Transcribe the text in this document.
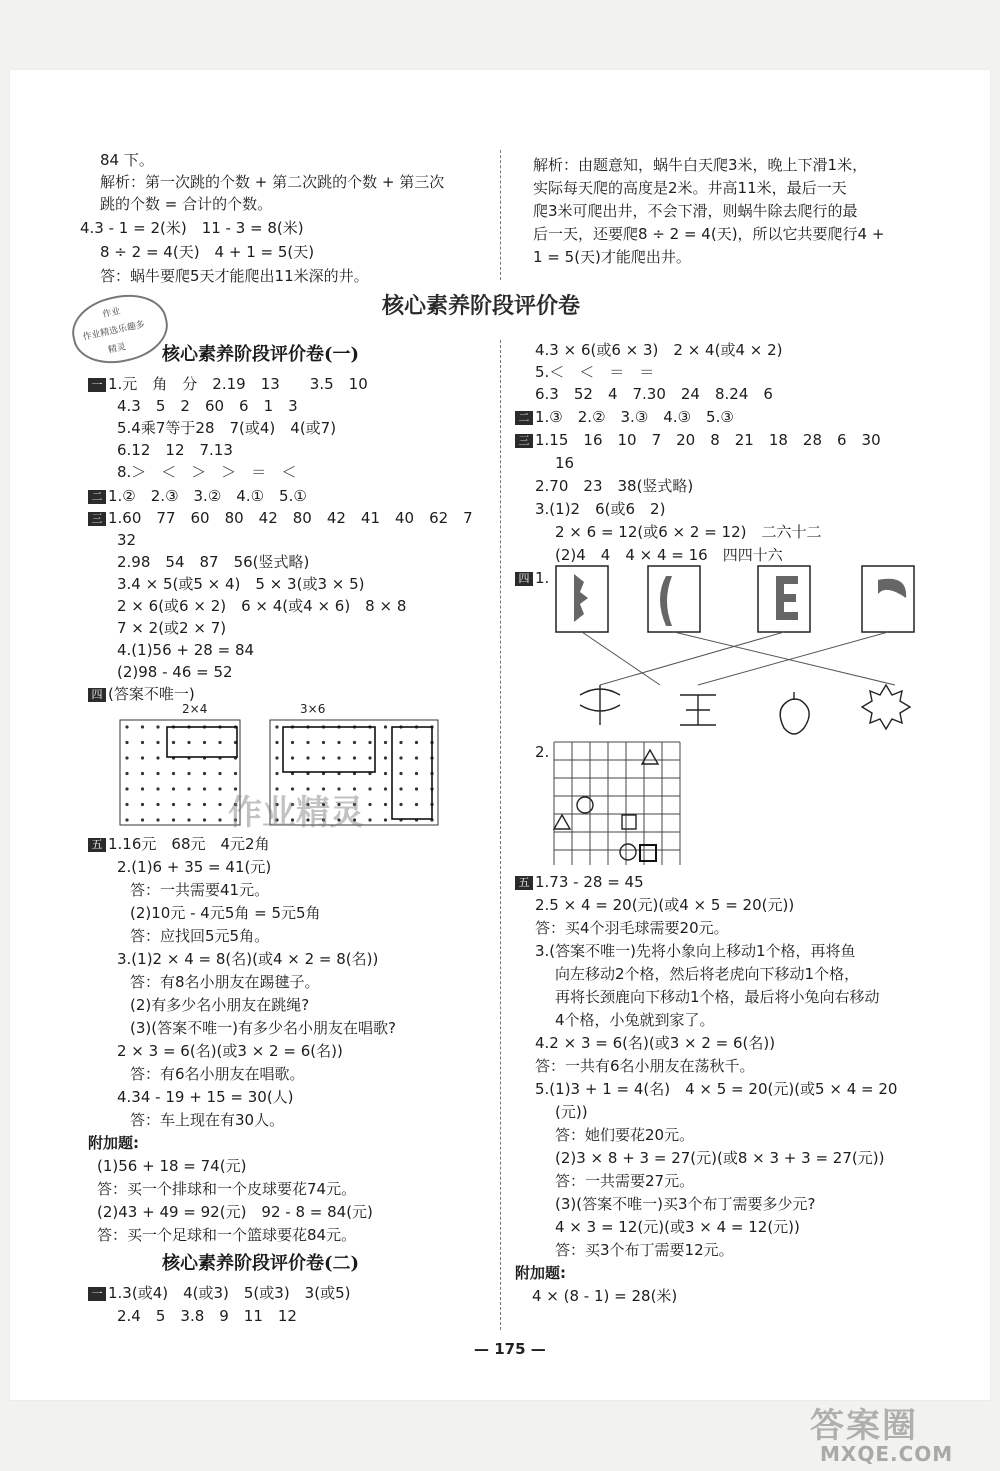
84 下。
解析：第一次跳的个数 + 第二次跳的个数 + 第三次
跳的个数 = 合计的个数。
4.3 - 1 = 2(米)　11 - 3 = 8(米)
8 ÷ 2 = 4(天)　4 + 1 = 5(天)
答：蜗牛要爬5天才能爬出11米深的井。
解析：由题意知，蜗牛白天爬3米，晚上下滑1米，
实际每天爬的高度是2米。井高11米，最后一天
爬3米可爬出井，不会下滑，则蜗牛除去爬行的最
后一天，还要爬8 ÷ 2 = 4(天)，所以它共要爬行4 +
1 = 5(天)才能爬出井。
作业
作业精选乐趣多
精灵
核心素养阶段评价卷
核心素养阶段评价卷(一)
一 1.元　角　分　2.19　13　　3.5　10
4.3　5　2　60　6　1　3
5.4乘7等于28　7(或4)　4(或7)
6.12　12　7.13
8.＞　＜　＞　＞　＝　＜
二 1.②　2.③　3.②　4.①　5.①
三 1.60　77　60　80　42　80　42　41　40　62　7
32
2.98　54　87　56(竖式略)
3.4 × 5(或5 × 4)　5 × 3(或3 × 5)
2 × 6(或6 × 2)　6 × 4(或4 × 6)　8 × 8
7 × 2(或2 × 7)
4.(1)56 + 28 = 84
(2)98 - 46 = 52
四 (答案不唯一)
2×4	3×6
作业精灵
五 1.16元　68元　4元2角
2.(1)6 + 35 = 41(元)
答：一共需要41元。
(2)10元 - 4元5角 = 5元5角
答：应找回5元5角。
3.(1)2 × 4 = 8(名)(或4 × 2 = 8(名))
答：有8名小朋友在踢毽子。
(2)有多少名小朋友在跳绳?
(3)(答案不唯一)有多少名小朋友在唱歌?
2 × 3 = 6(名)(或3 × 2 = 6(名))
答：有6名小朋友在唱歌。
4.34 - 19 + 15 = 30(人)
答：车上现在有30人。
附加题:
(1)56 + 18 = 74(元)
答：买一个排球和一个皮球要花74元。
(2)43 + 49 = 92(元)　92 - 8 = 84(元)
答：买一个足球和一个篮球要花84元。
核心素养阶段评价卷(二)
一 1.3(或4)　4(或3)　5(或3)　3(或5)
2.4　5　3.8　9　11　12
4.3 × 6(或6 × 3)　2 × 4(或4 × 2)
5.＜　＜　＝　＝
6.3　52　4　7.30　24　8.24　6
二 1.③　2.②　3.③　4.③　5.③
三 1.15　16　10　7　20　8　21　18　28　6　30
16
2.70　23　38(竖式略)
3.(1)2　6(或6　2)
2 × 6 = 12(或6 × 2 = 12)　二六十二
(2)4　4　4 × 4 = 16　四四十六
四 1.
2.
五 1.73 - 28 = 45
2.5 × 4 = 20(元)(或4 × 5 = 20(元))
答：买4个羽毛球需要20元。
3.(答案不唯一)先将小象向上移动1个格，再将鱼
向左移动2个格，然后将老虎向下移动1个格，
再将长颈鹿向下移动1个格，最后将小兔向右移动
4个格，小兔就到家了。
4.2 × 3 = 6(名)(或3 × 2 = 6(名))
答：一共有6名小朋友在荡秋千。
5.(1)3 + 1 = 4(名)　4 × 5 = 20(元)(或5 × 4 = 20
(元))
答：她们要花20元。
(2)3 × 8 + 3 = 27(元)(或8 × 3 + 3 = 27(元))
答：一共需要27元。
(3)(答案不唯一)买3个布丁需要多少元?
4 × 3 = 12(元)(或3 × 4 = 12(元))
答：买3个布丁需要12元。
附加题:
4 × (8 - 1) = 28(米)
— 175 —
答案圈
MXQE.COM
